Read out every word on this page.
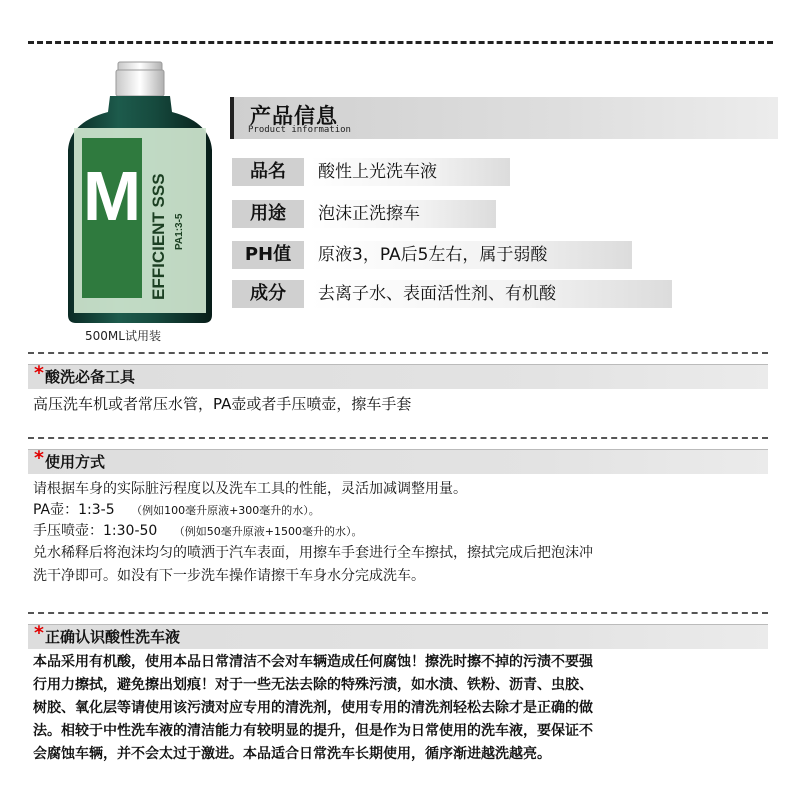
M EFFICIENT SSS PA1:3-5
500ML试用装
产品信息
Product information
品名	酸性上光洗车液
用途	泡沫正洗擦车
PH值	原液3，PA后5左右，属于弱酸
成分	去离子水、表面活性剂、有机酸
* 酸洗必备工具
高压洗车机或者常压水管，PA壶或者手压喷壶，擦车手套
* 使用方式
请根据车身的实际脏污程度以及洗车工具的性能，灵活加减调整用量。
PA壶：1:3-5 （例如100毫升原液+300毫升的水）。
手压喷壶：1:30-50 （例如50毫升原液+1500毫升的水）。
兑水稀释后将泡沫均匀的喷洒于汽车表面，用擦车手套进行全车擦拭，擦拭完成后把泡沫冲
洗干净即可。如没有下一步洗车操作请擦干车身水分完成洗车。
* 正确认识酸性洗车液
本品采用有机酸，使用本品日常清洁不会对车辆造成任何腐蚀！擦洗时擦不掉的污渍不要强
行用力擦拭，避免擦出划痕！对于一些无法去除的特殊污渍，如水渍、铁粉、沥青、虫胶、
树胶、氧化层等请使用该污渍对应专用的清洗剂，使用专用的清洗剂轻松去除才是正确的做
法。相较于中性洗车液的清洁能力有较明显的提升，但是作为日常使用的洗车液，要保证不
会腐蚀车辆，并不会太过于激进。本品适合日常洗车长期使用，循序渐进越洗越亮。
